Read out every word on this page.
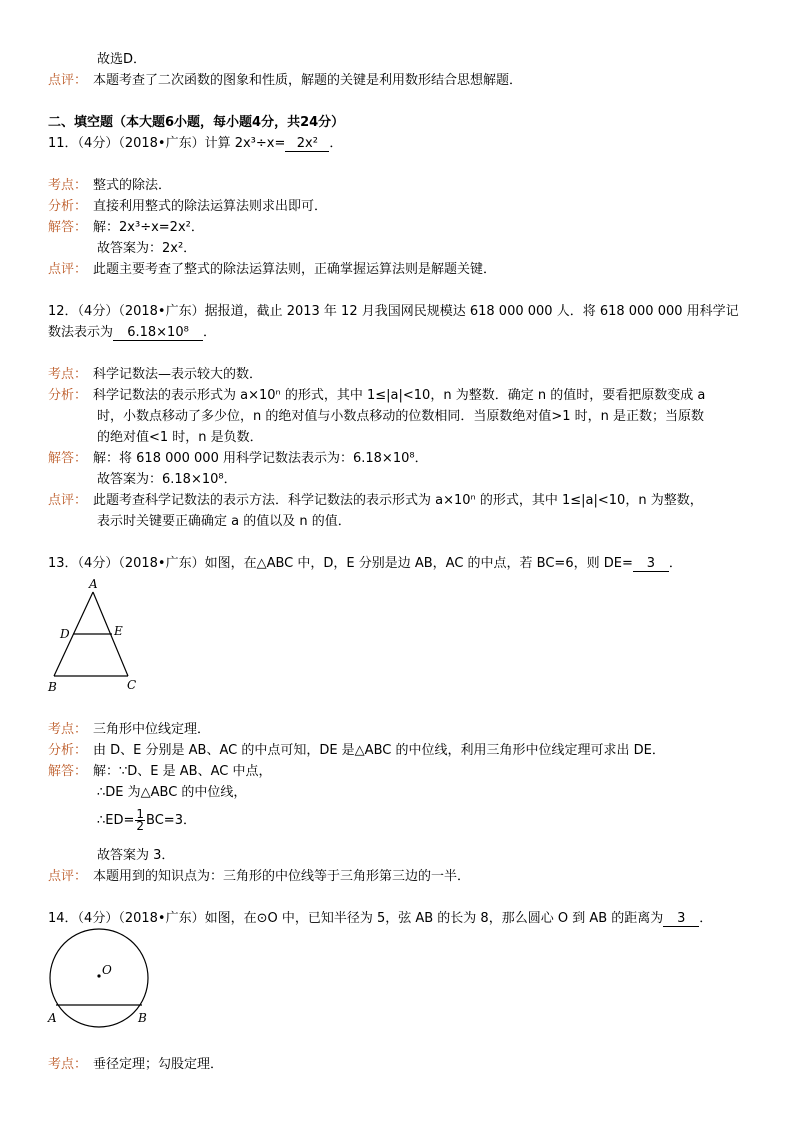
故选D．
点评： 本题考查了二次函数的图象和性质，解题的关键是利用数形结合思想解题．
二、填空题（本大题6小题，每小题4分，共24分）
11．（4分）（2018•广东）计算 2x³÷x= 2x² ．
考点： 整式的除法．
分析： 直接利用整式的除法运算法则求出即可．
解答： 解：2x³÷x=2x²．
故答案为：2x²．
点评： 此题主要考查了整式的除法运算法则，正确掌握运算法则是解题关键．
12．（4分）（2018•广东）据报道，截止 2013 年 12 月我国网民规模达 618 000 000 人．将 618 000 000 用科学记
数法表示为 6.18×10⁸ ．
考点： 科学记数法—表示较大的数．
分析： 科学记数法的表示形式为 a×10ⁿ 的形式，其中 1≤|a|<10，n 为整数．确定 n 的值时，要看把原数变成 a
时，小数点移动了多少位，n 的绝对值与小数点移动的位数相同．当原数绝对值>1 时，n 是正数；当原数
的绝对值<1 时，n 是负数．
解答： 解：将 618 000 000 用科学记数法表示为：6.18×10⁸．
故答案为：6.18×10⁸．
点评： 此题考查科学记数法的表示方法．科学记数法的表示形式为 a×10ⁿ 的形式，其中 1≤|a|<10，n 为整数，
表示时关键要正确确定 a 的值以及 n 的值．
13．（4分）（2018•广东）如图，在△ABC 中，D，E 分别是边 AB，AC 的中点，若 BC=6，则 DE= 3 ．
A
D	E
B	C
考点： 三角形中位线定理．
分析： 由 D、E 分别是 AB、AC 的中点可知，DE 是△ABC 的中位线，利用三角形中位线定理可求出 DE．
解答： 解：∵D、E 是 AB、AC 中点，
∴DE 为△ABC 的中位线，
∴ED= $\frac{1}{2} BC=3$．
故答案为 3．
点评： 本题用到的知识点为：三角形的中位线等于三角形第三边的一半．
14．（4分）（2018•广东）如图，在⊙O 中，已知半径为 5，弦 AB 的长为 8，那么圆心 O 到 AB 的距离为 3 ．
O
A	B
考点： 垂径定理；勾股定理．
